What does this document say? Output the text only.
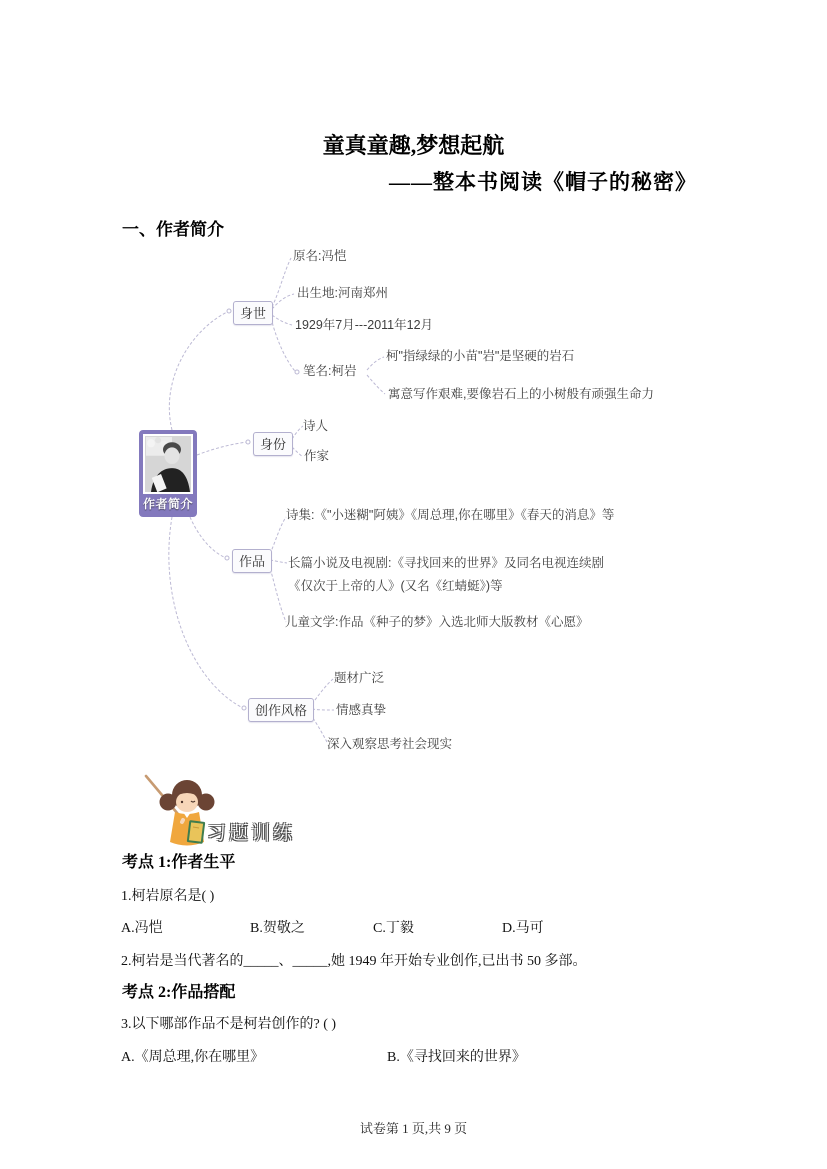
童真童趣,梦想起航
——整本书阅读《帽子的秘密》
一、作者简介
作者简介
身世
身份
作品
创作风格
原名:冯恺
出生地:河南郑州
1929年7月---2011年12月
笔名:柯岩
柯"指绿绿的小苗"岩"是坚硬的岩石
寓意写作艰难,要像岩石上的小树般有顽强生命力
诗人
作家
诗集:《"小迷糊"阿姨》《周总理,你在哪里》《春天的消息》等
长篇小说及电视剧:《寻找回来的世界》及同名电视连续剧
《仅次于上帝的人》(又名《红蜻蜓》)等
儿童文学:作品《种子的梦》入选北师大版教材《心愿》
题材广泛
情感真挚
深入观察思考社会现实
习题训练
考点 1:作者生平
1.柯岩原名是( )
A.冯恺	B.贺敬之	C.丁毅	D.马可
2.柯岩是当代著名的_____、_____,她 1949 年开始专业创作,已出书 50 多部。
考点 2:作品搭配
3.以下哪部作品不是柯岩创作的? ( )
A.《周总理,你在哪里》	B.《寻找回来的世界》
试卷第 1 页,共 9 页
